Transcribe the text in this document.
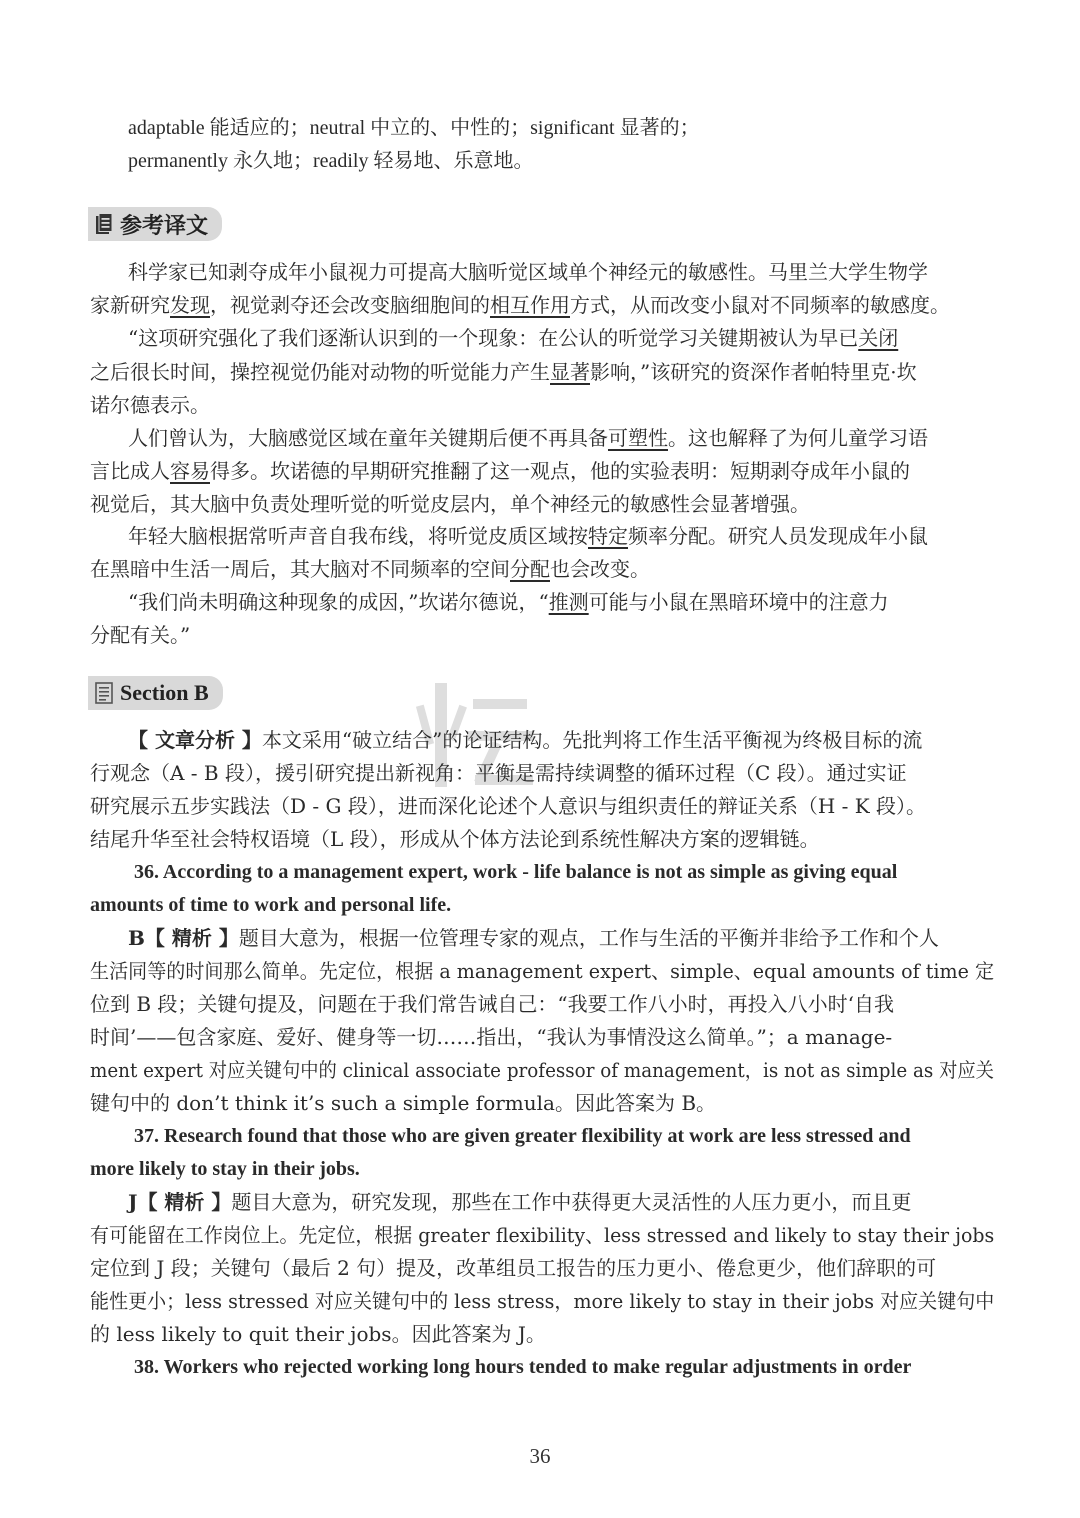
adaptable 能适应的；neutral 中立的、中性的；significant 显著的；
permanently 永久地；readily 轻易地、乐意地。
参考译文
科学家已知剥夺成年小鼠视力可提高大脑听觉区域单个神经元的敏感性。马里兰大学生物学
家新研究发现，视觉剥夺还会改变脑细胞间的相互作用方式，从而改变小鼠对不同频率的敏感度。
“这项研究强化了我们逐渐认识到的一个现象：在公认的听觉学习关键期被认为早已关闭
之后很长时间，操控视觉仍能对动物的听觉能力产生显著影响，”该研究的资深作者帕特里克·坎
诺尔德表示。
人们曾认为，大脑感觉区域在童年关键期后便不再具备可塑性。这也解释了为何儿童学习语
言比成人容易得多。坎诺德的早期研究推翻了这一观点，他的实验表明：短期剥夺成年小鼠的
视觉后，其大脑中负责处理听觉的听觉皮层内，单个神经元的敏感性会显著增强。
年轻大脑根据常听声音自我布线，将听觉皮质区域按特定频率分配。研究人员发现成年小鼠
在黑暗中生活一周后，其大脑对不同频率的空间分配也会改变。
“我们尚未明确这种现象的成因，”坎诺尔德说，“推测可能与小鼠在黑暗环境中的注意力
分配有关。”
Section B
【 文章分析 】本文采用“破立结合”的论证结构。先批判将工作生活平衡视为终极目标的流
行观念（A - B 段），援引研究提出新视角：平衡是需持续调整的循环过程（C 段）。通过实证
研究展示五步实践法（D - G 段），进而深化论述个人意识与组织责任的辩证关系（H - K 段）。
结尾升华至社会特权语境（L 段），形成从个体方法论到系统性解决方案的逻辑链。
36. According to a management expert, work - life balance is not as simple as giving equal
amounts of time to work and personal life.
B【 精析 】题目大意为，根据一位管理专家的观点，工作与生活的平衡并非给予工作和个人
生活同等的时间那么简单。先定位，根据 a management expert、simple、equal amounts of time 定
位到 B 段；关键句提及，问题在于我们常告诫自己：“我要工作八小时，再投入八小时‘自我
时间’——包含家庭、爱好、健身等一切……指出，“我认为事情没这么简单。”；a manage-
ment expert 对应关键句中的 clinical associate professor of management，is not as simple as 对应关
键句中的 don’t think it’s such a simple formula。因此答案为 B。
37. Research found that those who are given greater flexibility at work are less stressed and
more likely to stay in their jobs.
J【 精析 】题目大意为，研究发现，那些在工作中获得更大灵活性的人压力更小，而且更
有可能留在工作岗位上。先定位，根据 greater flexibility、less stressed and likely to stay their jobs
定位到 J 段；关键句（最后 2 句）提及，改革组员工报告的压力更小、倦怠更少，他们辞职的可
能性更小；less stressed 对应关键句中的 less stress，more likely to stay in their jobs 对应关键句中
的 less likely to quit their jobs。因此答案为 J。
38. Workers who rejected working long hours tended to make regular adjustments in order
36
